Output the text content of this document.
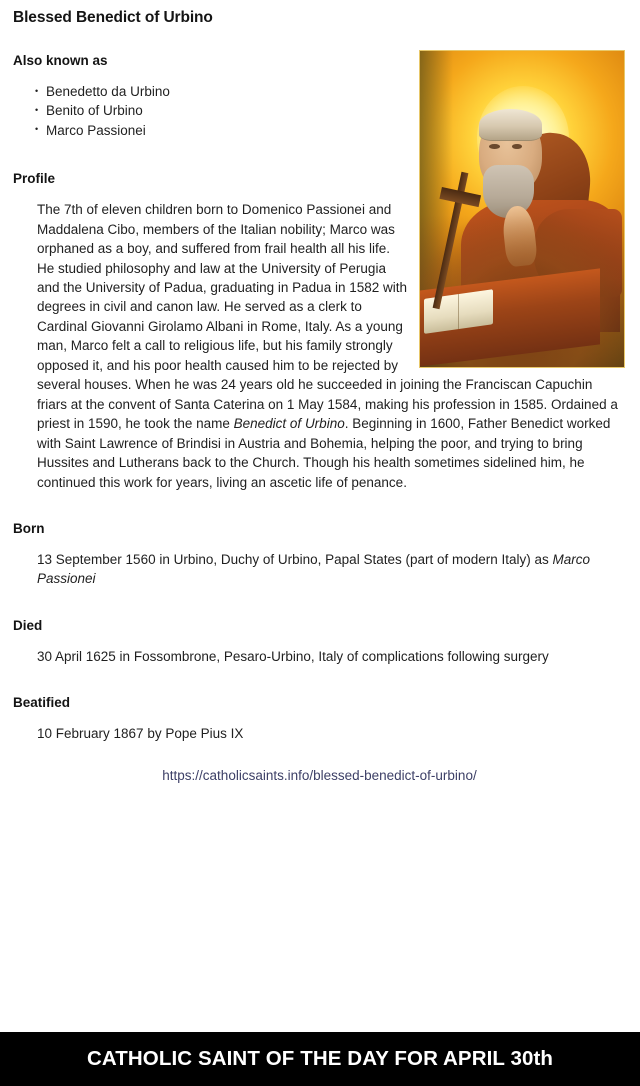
Blessed Benedict of Urbino
Also known as
• Benedetto da Urbino
• Benito of Urbino
• Marco Passionei
Profile

The 7th of eleven children born to Domenico Passionei and Maddalena Cibo, members of the Italian nobility; Marco was orphaned as a boy, and suffered from frail health all his life. He studied philosophy and law at the University of Perugia and the University of Padua, graduating in Padua in 1582 with degrees in civil and canon law. He served as a clerk to Cardinal Giovanni Girolamo Albani in Rome, Italy. As a young man, Marco felt a call to religious life, but his family strongly opposed it, and his poor health caused him to be rejected by several houses. When he was 24 years old he succeeded in joining the Franciscan Capuchin friars at the convent of Santa Caterina on 1 May 1584, making his profession in 1585. Ordained a priest in 1590, he took the name Benedict of Urbino. Beginning in 1600, Father Benedict worked with Saint Lawrence of Brindisi in Austria and Bohemia, helping the poor, and trying to bring Hussites and Lutherans back to the Church. Though his health sometimes sidelined him, he continued this work for years, living an ascetic life of penance.

Born

13 September 1560 in Urbino, Duchy of Urbino, Papal States (part of modern Italy) as Marco Passionei

Died

30 April 1625 in Fossombrone, Pesaro-Urbino, Italy of complications following surgery

Beatified

10 February 1867 by Pope Pius IX

https://catholicsaints.info/blessed-benedict-of-urbino/
CATHOLIC SAINT OF THE DAY FOR APRIL 30th
